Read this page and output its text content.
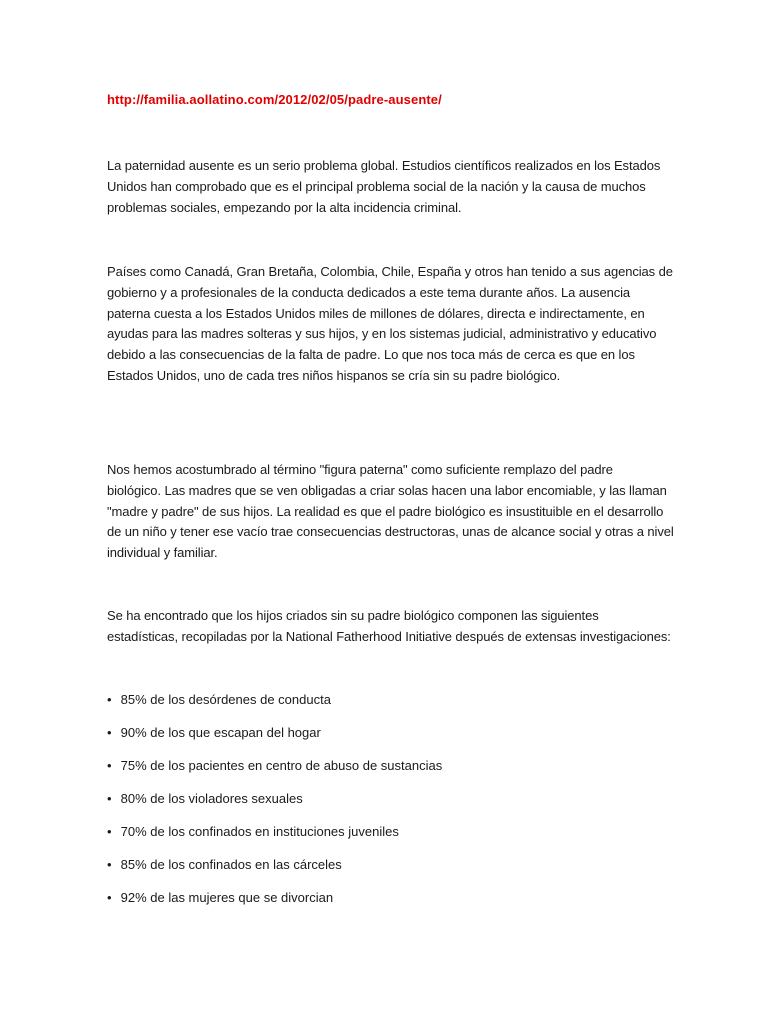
http://familia.aollatino.com/2012/02/05/padre-ausente/

La paternidad ausente es un serio problema global. Estudios científicos realizados en los Estados
Unidos han comprobado que es el principal problema social de la nación y la causa de muchos
problemas sociales, empezando por la alta incidencia criminal.

Países como Canadá, Gran Bretaña, Colombia, Chile, España y otros han tenido a sus agencias de
gobierno y a profesionales de la conducta dedicados a este tema durante años. La ausencia
paterna cuesta a los Estados Unidos miles de millones de dólares, directa e indirectamente, en
ayudas para las madres solteras y sus hijos, y en los sistemas judicial, administrativo y educativo
debido a las consecuencias de la falta de padre. Lo que nos toca más de cerca es que en los
Estados Unidos, uno de cada tres niños hispanos se cría sin su padre biológico.

Nos hemos acostumbrado al término "figura paterna" como suficiente remplazo del padre
biológico. Las madres que se ven obligadas a criar solas hacen una labor encomiable, y las llaman
"madre y padre" de sus hijos. La realidad es que el padre biológico es insustituible en el desarrollo
de un niño y tener ese vacío trae consecuencias destructoras, unas de alcance social y otras a nivel
individual y familiar.

Se ha encontrado que los hijos criados sin su padre biológico componen las siguientes
estadísticas, recopiladas por la National Fatherhood Initiative después de extensas investigaciones:

• 85% de los desórdenes de conducta
• 90% de los que escapan del hogar
• 75% de los pacientes en centro de abuso de sustancias
• 80% de los violadores sexuales
• 70% de los confinados en instituciones juveniles
• 85% de los confinados en las cárceles
• 92% de las mujeres que se divorcian
